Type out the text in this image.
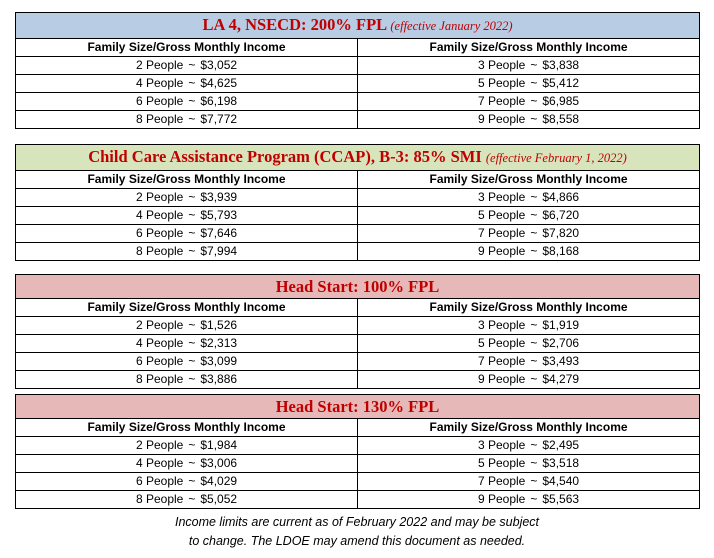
LA 4, NSECD: 200% FPL (effective January 2022)	
Family Size/Gross Monthly Income	Family Size/Gross Monthly Income
2 People ~ $3,052	3 People ~ $3,838
4 People ~ $4,625	5 People ~ $5,412
6 People ~ $6,198	7 People ~ $6,985
8 People ~ $7,772	9 People ~ $8,558
Child Care Assistance Program (CCAP), B-3: 85% SMI (effective February 1, 2022)	
Family Size/Gross Monthly Income	Family Size/Gross Monthly Income
2 People ~ $3,939	3 People ~ $4,866
4 People ~ $5,793	5 People ~ $6,720
6 People ~ $7,646	7 People ~ $7,820
8 People ~ $7,994	9 People ~ $8,168
Head Start: 100% FPL	
Family Size/Gross Monthly Income	Family Size/Gross Monthly Income
2 People ~ $1,526	3 People ~ $1,919
4 People ~ $2,313	5 People ~ $2,706
6 People ~ $3,099	7 People ~ $3,493
8 People ~ $3,886	9 People ~ $4,279
Head Start: 130% FPL	
Family Size/Gross Monthly Income	Family Size/Gross Monthly Income
2 People ~ $1,984	3 People ~ $2,495
4 People ~ $3,006	5 People ~ $3,518
6 People ~ $4,029	7 People ~ $4,540
8 People ~ $5,052	9 People ~ $5,563
Income limits are current as of February 2022 and may be subject
to change. The LDOE may amend this document as needed.
